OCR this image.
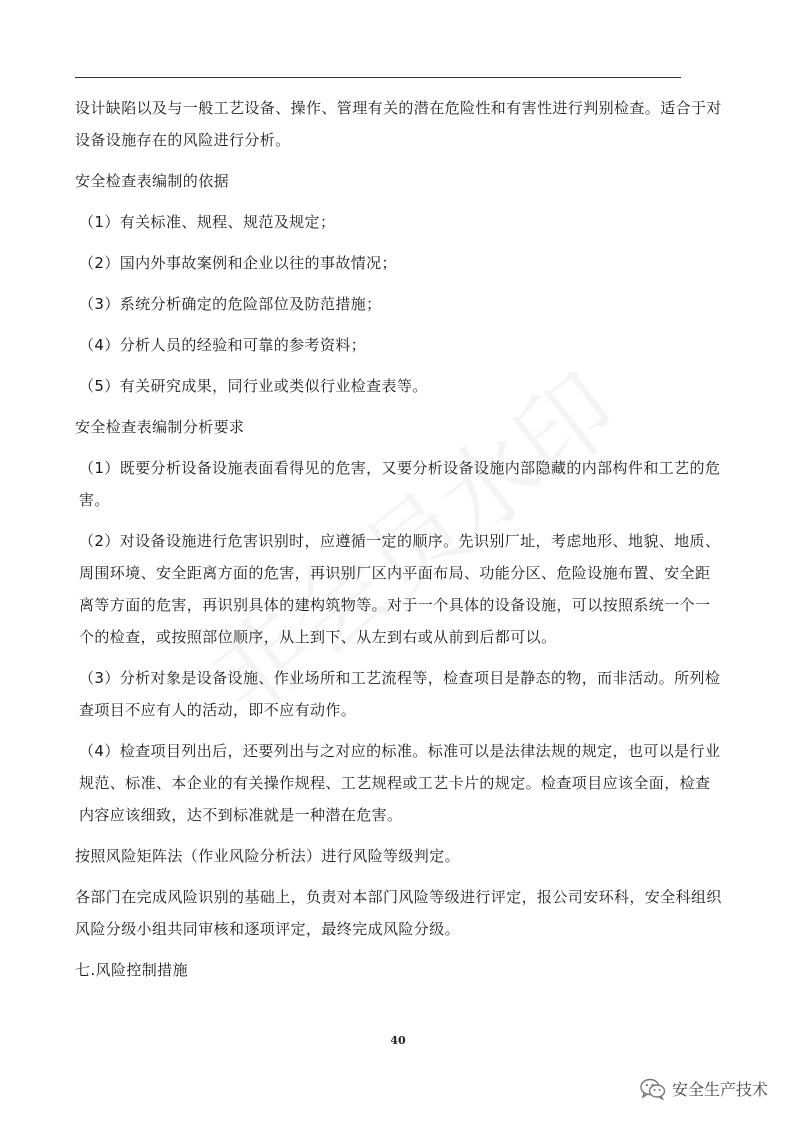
设计缺陷以及与一般工艺设备、操作、管理有关的潜在危险性和有害性进行判别检查。适合于对设备设施存在的风险进行分析。

安全检查表编制的依据

（1）有关标准、规程、规范及规定；

（2）国内外事故案例和企业以往的事故情况；

（3）系统分析确定的危险部位及防范措施；

（4）分析人员的经验和可靠的参考资料；

（5）有关研究成果，同行业或类似行业检查表等。

安全检查表编制分析要求

（1）既要分析设备设施表面看得见的危害，又要分析设备设施内部隐藏的内部构件和工艺的危害。

（2）对设备设施进行危害识别时，应遵循一定的顺序。先识别厂址，考虑地形、地貌、地质、周围环境、安全距离方面的危害，再识别厂区内平面布局、功能分区、危险设施布置、安全距离等方面的危害，再识别具体的建构筑物等。对于一个具体的设备设施，可以按照系统一个一个的检查，或按照部位顺序，从上到下、从左到右或从前到后都可以。

（3）分析对象是设备设施、作业场所和工艺流程等，检查项目是静态的物，而非活动。所列检查项目不应有人的活动，即不应有动作。

（4）检查项目列出后，还要列出与之对应的标准。标准可以是法律法规的规定，也可以是行业规范、标准、本企业的有关操作规程、工艺规程或工艺卡片的规定。检查项目应该全面，检查内容应该细致，达不到标准就是一种潜在危害。

按照风险矩阵法（作业风险分析法）进行风险等级判定。

各部门在完成风险识别的基础上，负责对本部门风险等级进行评定，报公司安环科，安全科组织风险分级小组共同审核和逐项评定，最终完成风险分级。

七.风险控制措施

40
安全生产技术
